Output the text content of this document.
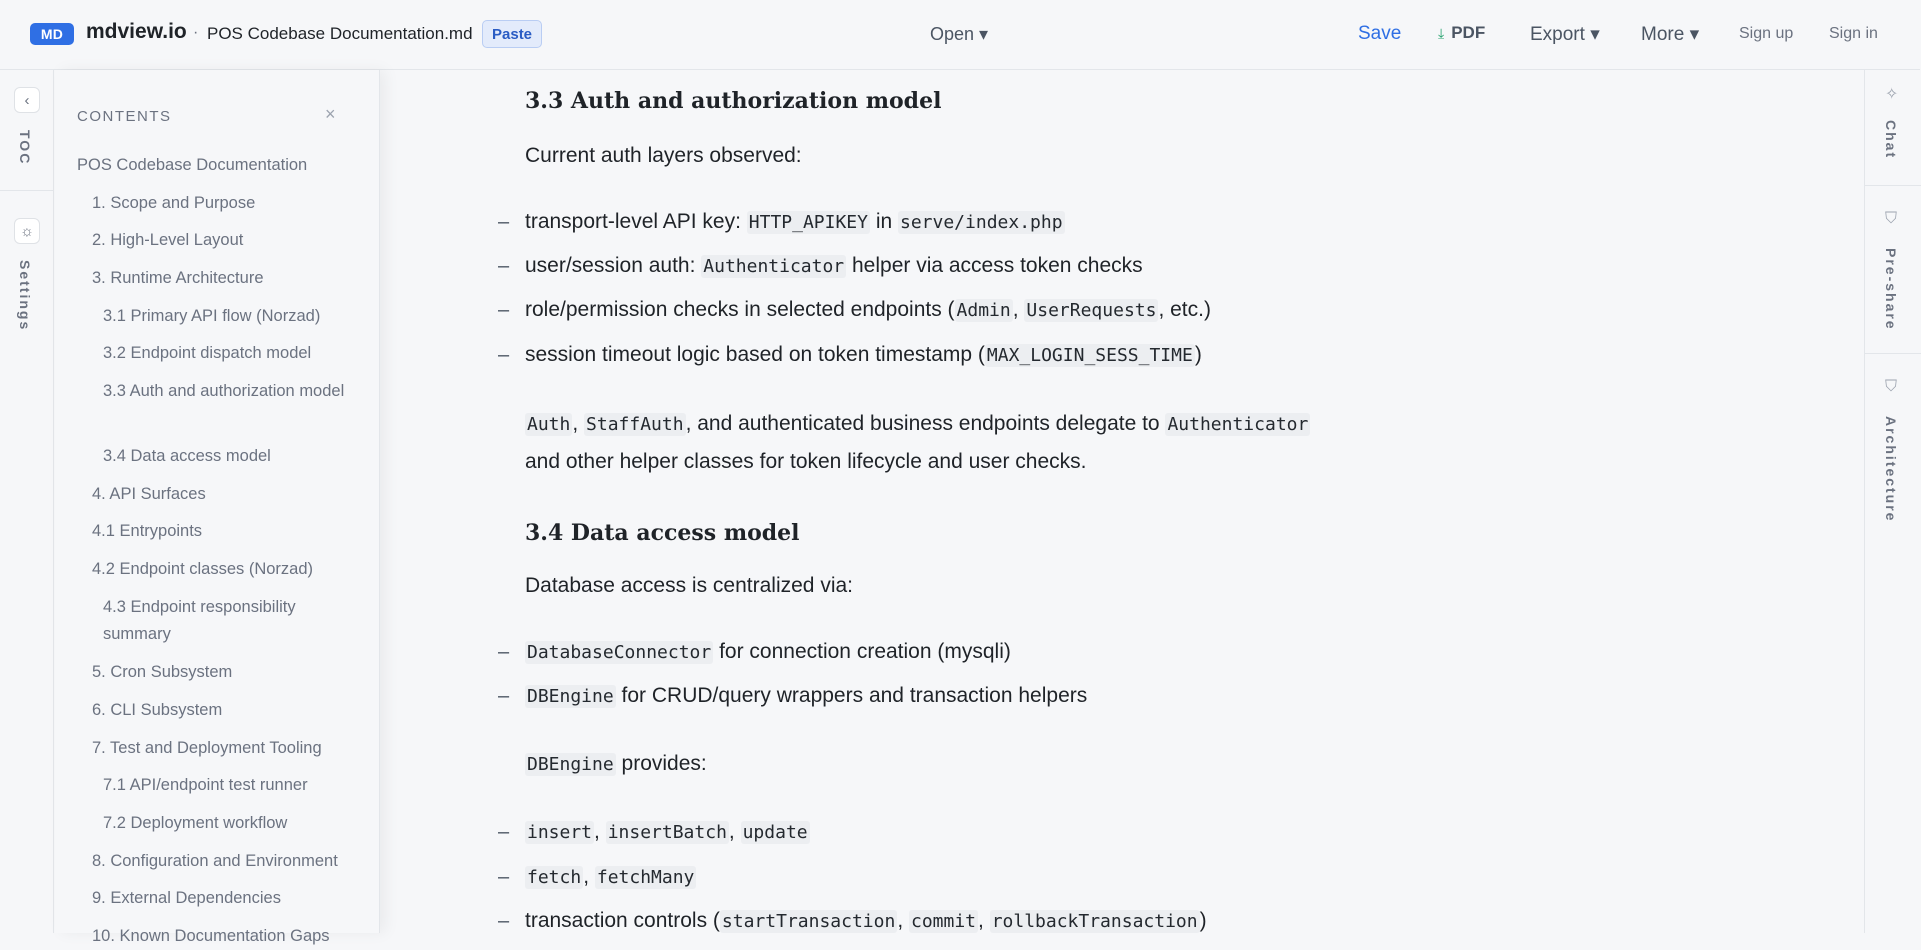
MD	mdview.io · POS Codebase Documentation.md	Paste	Open ▾	Save	⤓ PDF Export ▾ More ▾ Sign up Sign in
‹
TOC
☼
Settings
CONTENTS	×
POS Codebase Documentation
1. Scope and Purpose
2. High-Level Layout
3. Runtime Architecture
3.1 Primary API flow (Norzad)
3.2 Endpoint dispatch model
3.3 Auth and authorization model
3.4 Data access model
4. API Surfaces
4.1 Entrypoints
4.2 Endpoint classes (Norzad)
4.3 Endpoint responsibility summary
5. Cron Subsystem
6. CLI Subsystem
7. Test and Deployment Tooling
7.1 API/endpoint test runner
7.2 Deployment workflow
8. Configuration and Environment
9. External Dependencies
10. Known Documentation Gaps
3.3 Auth and authorization model
Current auth layers observed:
– transport-level API key: HTTP_APIKEY in serve/index.php
– user/session auth: Authenticator helper via access token checks
– role/permission checks in selected endpoints ( Admin, UserRequests, etc.)
– session timeout logic based on token timestamp ( MAX_LOGIN_SESS_TIME)
Auth, StaffAuth, and authenticated business endpoints delegate to Authenticator
and other helper classes for token lifecycle and user checks.
3.4 Data access model
Database access is centralized via:
– DatabaseConnector for connection creation (mysqli)
– DBEngine for CRUD/query wrappers and transaction helpers
DBEngine provides:
– insert, insertBatch, update
– fetch, fetchMany
– transaction controls ( startTransaction, commit, rollbackTransaction)
✧
Chat
⛉
Pre-share
⛉
Architecture
